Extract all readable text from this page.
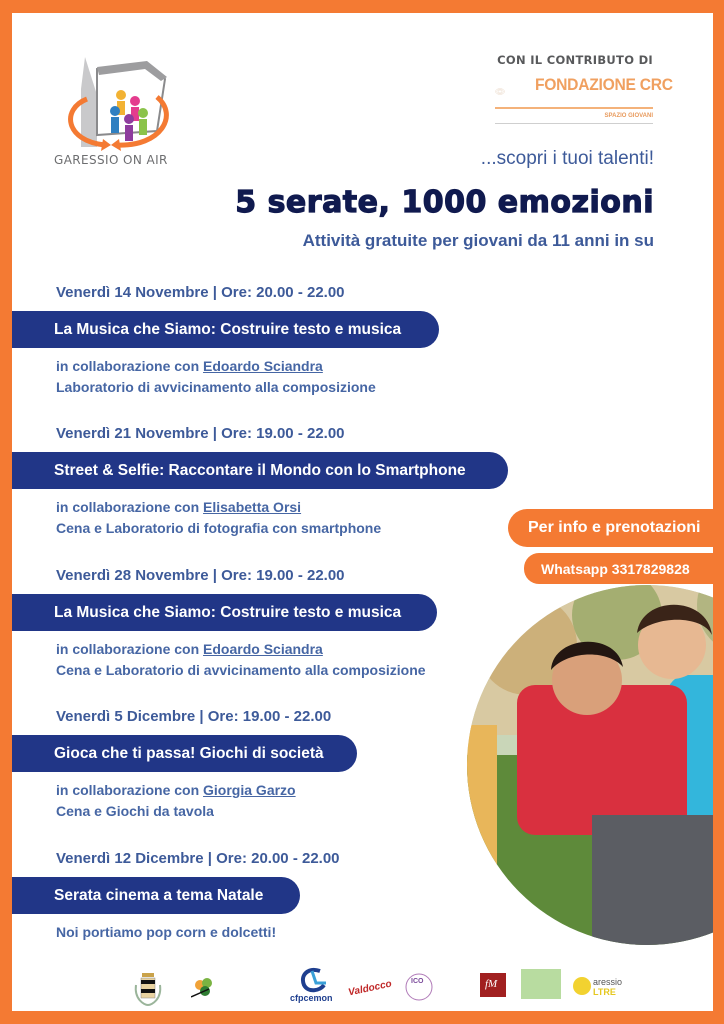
GARESSIO ON AIR
CON IL CONTRIBUTO DI
FONDAZIONE CRC
SPAZIO GIOVANI
...scopri i tuoi talenti!
5 serate, 1000 emozioni
Attività gratuite per giovani da 11 anni in su
Venerdì 14 Novembre | Ore: 20.00 - 22.00
La Musica che Siamo: Costruire testo e musica
in collaborazione con Edoardo Sciandra
Laboratorio di avvicinamento alla composizione
Venerdì 21 Novembre | Ore: 19.00 - 22.00
Street & Selfie: Raccontare il Mondo con lo Smartphone
in collaborazione con Elisabetta Orsi
Cena e Laboratorio di fotografia con smartphone
Venerdì 28 Novembre | Ore: 19.00 - 22.00
La Musica che Siamo: Costruire testo e musica
in collaborazione con Edoardo Sciandra
Cena e Laboratorio di avvicinamento alla composizione
Venerdì 5 Dicembre | Ore: 19.00 - 22.00
Gioca che ti passa! Giochi di società
in collaborazione con Giorgia Garzo
Cena e Giochi da tavola
Venerdì 12 Dicembre | Ore: 20.00 - 22.00
Serata cinema a tema Natale
Noi portiamo pop corn e dolcetti!
Per info e prenotazioni
Whatsapp 3317829828
cfpcemon Valdocco	ICO	fM	aressio
LTRE
